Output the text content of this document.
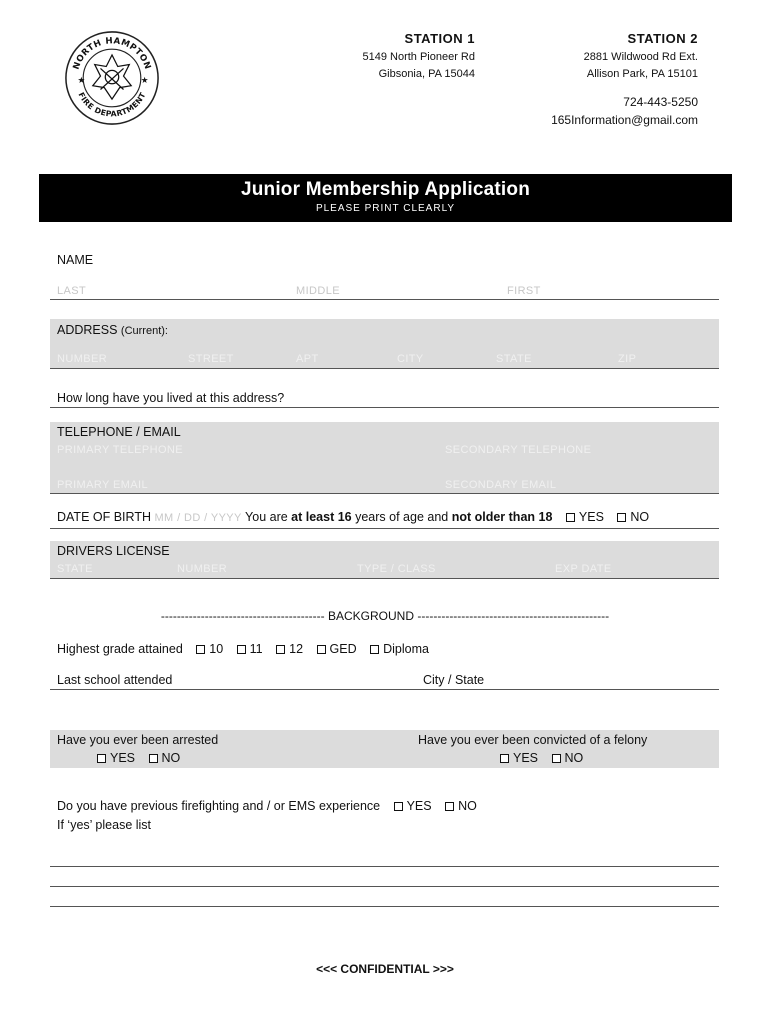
NORTH HAMPTON
FIRE DEPARTMENT
★	★
STATION 1
5149 North Pioneer Rd
Gibsonia, PA 15044
STATION 2
2881 Wildwood Rd Ext.
Allison Park, PA 15101
724-443-5250
165Information@gmail.com
Junior Membership Application
PLEASE PRINT CLEARLY
NAME
LAST	MIDDLE	FIRST
ADDRESS (Current):
NUMBER	STREET	APT	CITY	STATE	ZIP
How long have you lived at this address?
TELEPHONE / EMAIL
PRIMARY TELEPHONE	SECONDARY TELEPHONE
PRIMARY EMAIL	SECONDARY EMAIL
DATE OF BIRTH MM / DD / YYYY You are at least 16 years of age and not older than 18 YES NO
DRIVERS LICENSE
STATE	NUMBER	TYPE / CLASS	EXP DATE
----------------------------------------- BACKGROUND ------------------------------------------------
Highest grade attained 10 11 12 GED Diploma
Last school attended	City / State
Have you ever been arrested
YES NO
Have you ever been convicted of a felony
YES NO
Do you have previous firefighting and / or EMS experience YES NO
If ‘yes’ please list
<<< CONFIDENTIAL >>>
